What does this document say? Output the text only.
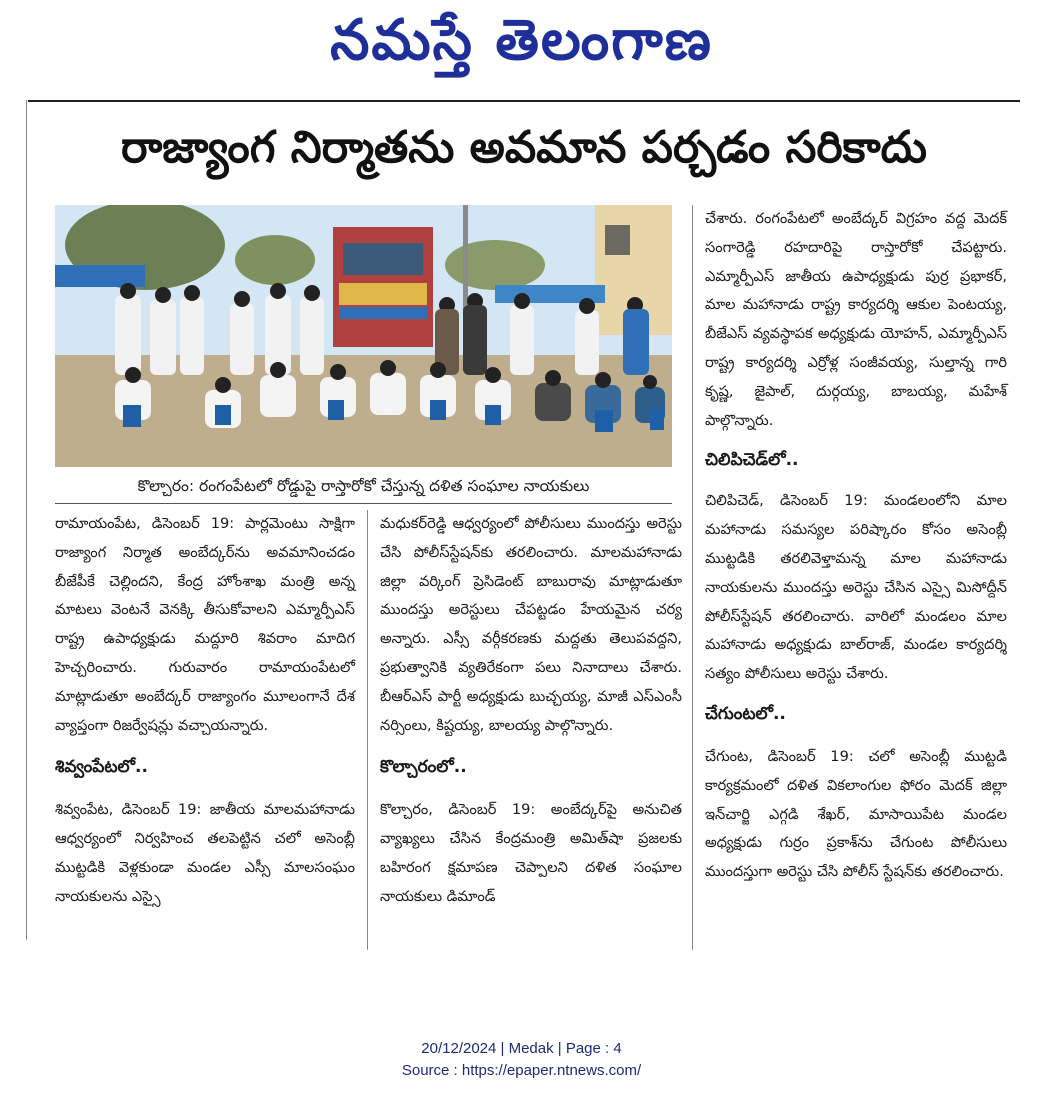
నమస్తే తెలంగాణ
రాజ్యాంగ నిర్మాతను అవమాన పర్చడం సరికాదు
కొల్చారం: రంగంపేటలో రోడ్డుపై రాస్తారోకో చేస్తున్న దళిత సంఘాల నాయకులు

రామాయంపేట, డిసెంబర్ 19: పార్లమెంటు సాక్షిగా రాజ్యాంగ నిర్మాత అంబేద్కర్‌ను అవమానించడం బీజేపీకే చెల్లిందని, కేంద్ర హోంశాఖ మంత్రి అన్న మాటలు వెంటనే వెనక్కి తీసుకోవాలని ఎమ్మార్పీఎస్ రాష్ట్ర ఉపాధ్యక్షుడు మద్దూరి శివరాం మాదిగ హెచ్చరించారు. గురువారం రామాయంపేటలో మాట్లాడుతూ అంబేద్కర్ రాజ్యాంగం మూలంగానే దేశ వ్యాప్తంగా రిజర్వేషన్లు వచ్చాయన్నారు.

శివ్వంపేటలో..

శివ్వంపేట, డిసెంబర్ 19: జాతీయ మాలమహానాడు ఆధ్వర్యంలో నిర్వహించ తలపెట్టిన చలో అసెంబ్లీ ముట్టడికి వెళ్లకుండా మండల ఎస్సీ మాలసంఘం నాయకులను ఎస్సై

మధుకర్‌రెడ్డి ఆధ్వర్యంలో పోలీసులు ముందస్తు అరెస్టు చేసి పోలీస్‌స్టేషన్‌కు తరలించారు. మాలమహానాడు జిల్లా వర్కింగ్ ప్రెసిడెంట్ బాబురావు మాట్లాడుతూ ముందస్తు అరెస్టులు చేపట్టడం హేయమైన చర్య అన్నారు. ఎస్సీ వర్గీకరణకు మద్దతు తెలుపవద్దని, ప్రభుత్వానికి వ్యతిరేకంగా పలు నినాదాలు చేశారు. బీఆర్‌ఎస్ పార్టీ అధ్యక్షుడు బుచ్చయ్య, మాజీ ఎస్ఎంసీ నర్సింలు, కిష్టయ్య, బాలయ్య పాల్గొన్నారు.

కొల్చారంలో..

కొల్చారం, డిసెంబర్ 19: అంబేద్కర్‌పై అనుచిత వ్యాఖ్యలు చేసిన కేంద్రమంత్రి అమిత్‌షా ప్రజలకు బహిరంగ క్షమాపణ చెప్పాలని దళిత సంఘాల నాయకులు డిమాండ్

చేశారు. రంగంపేటలో అంబేద్కర్ విగ్రహం వద్ద మెదక్ సంగారెడ్డి రహదారిపై రాస్తారోకో చేపట్టారు. ఎమ్మార్పీఎస్ జాతీయ ఉపాధ్యక్షుడు పుర్ర ప్రభాకర్, మాల మహానాడు రాష్ట్ర కార్యదర్శి ఆకుల పెంటయ్య, బీజేఎస్ వ్యవస్థాపక అధ్యక్షుడు యోహన్, ఎమ్మార్పీఎస్ రాష్ట్ర కార్యదర్శి ఎర్రోళ్ల సంజీవయ్య, సుల్తాన్న గారి కృష్ణ, జైపాల్, దుర్గయ్య, బాబయ్య, మహేశ్ పాల్గొన్నారు.

చిలిపిచెడ్‌లో..

చిలిపిచెడ్, డిసెంబర్ 19: మండలంలోని మాల మహానాడు సమస్యల పరిష్కారం కోసం అసెంబ్లీ ముట్టడికి తరలివెళ్తామన్న మాల మహానాడు నాయకులను ముందస్తు అరెస్టు చేసిన ఎస్సై మిసోద్దీన్ పోలీస్‌స్టేషన్ తరలించారు. వారిలో మండలం మాల మహానాడు అధ్యక్షుడు బాల్‌రాజ్, మండల కార్యదర్శి సత్యం పోలీసులు అరెస్టు చేశారు.

చేగుంటలో..

చేగుంట, డిసెంబర్ 19: చలో అసెంబ్లీ ముట్టడి కార్యక్రమంలో దళిత వికలాంగుల ఫోరం మెదక్ జిల్లా ఇన్‌చార్జి ఎగ్గడి శేఖర్, మాసాయిపేట మండల అధ్యక్షుడు గుర్రం ప్రకాశ్‌ను చేగుంట పోలీసులు ముందస్తుగా అరెస్టు చేసి పోలీస్ స్టేషన్‌కు తరలించారు.

20/12/2024 | Medak | Page : 4
Source : https://epaper.ntnews.com/
